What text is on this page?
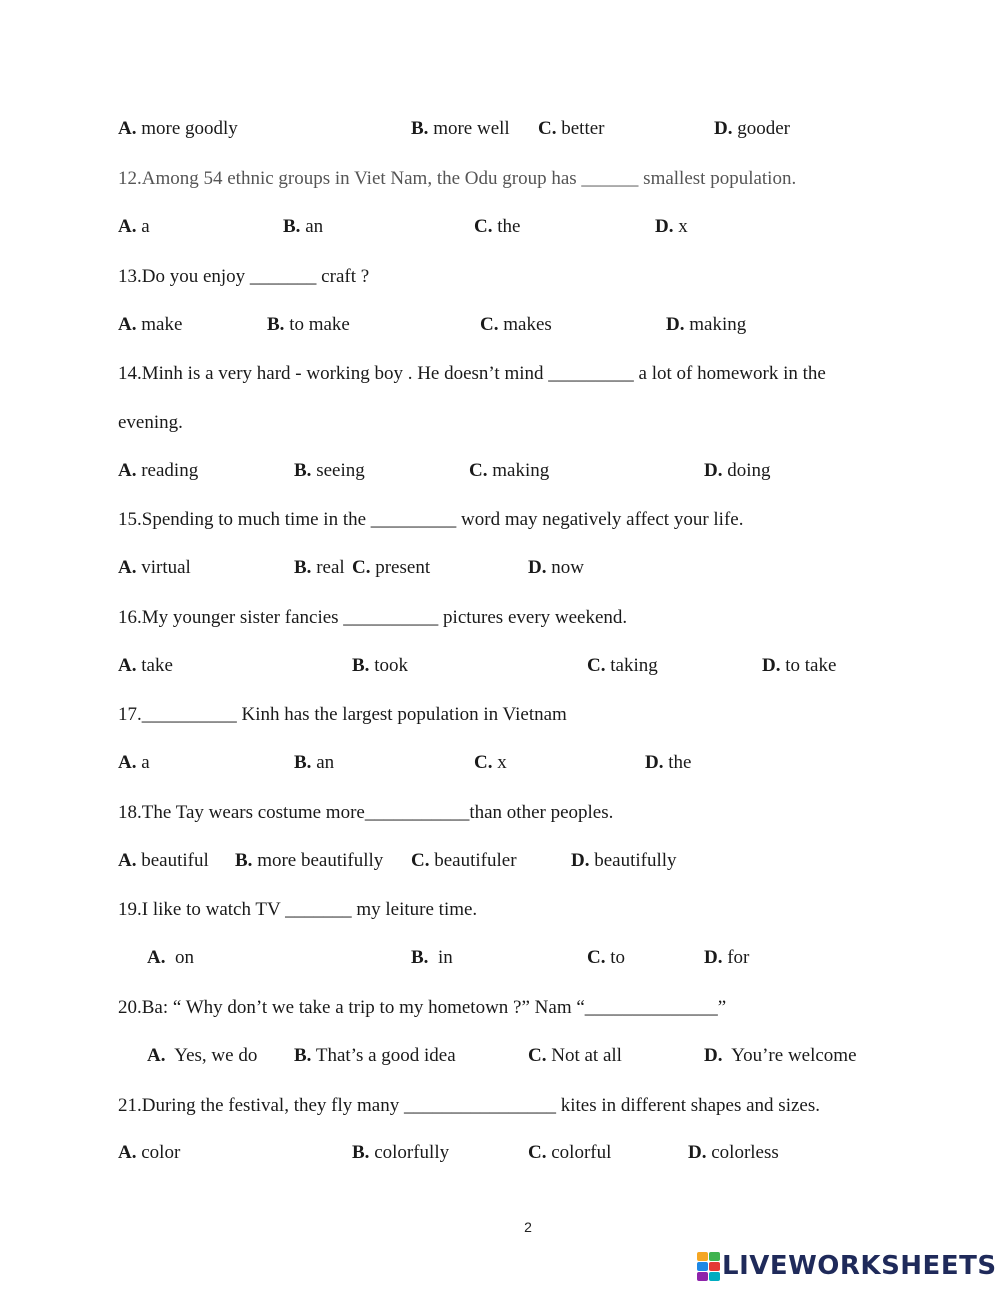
A. more goodly	B. more well C. better	D. gooder
12.Among 54 ethnic groups in Viet Nam, the Odu group has ______ smallest population.
A. a	B. an	C. the	D. x
13.Do you enjoy _______ craft ?
A. make	B. to make	C. makes	D. making
14.Minh is a very hard - working boy . He doesn’t mind _________ a lot of homework in the
evening.
A. reading	B. seeing	C. making	D. doing
15.Spending to much time in the _________ word may negatively affect your life.
A. virtual	B. real C. present	D. now
16.My younger sister fancies __________ pictures every weekend.
A. take	B. took	C. taking	D. to take
17.__________ Kinh has the largest population in Vietnam
A. a	B. an	C. x	D. the
18.The Tay wears costume more___________than other peoples.
A. beautiful B. more beautifully C. beautifuler	D. beautifully
19.I like to watch TV _______ my leiture time.
A. on	B. in	C. to	D. for
20.Ba: “ Why don’t we take a trip to my hometown ?” Nam “______________”
A. Yes, we do B. That’s a good idea	C. Not at all	D. You’re welcome
21.During the festival, they fly many ________________ kites in different shapes and sizes.
A. color	B. colorfully	C. colorful	D. colorless
2
LIVEWORKSHEETS
